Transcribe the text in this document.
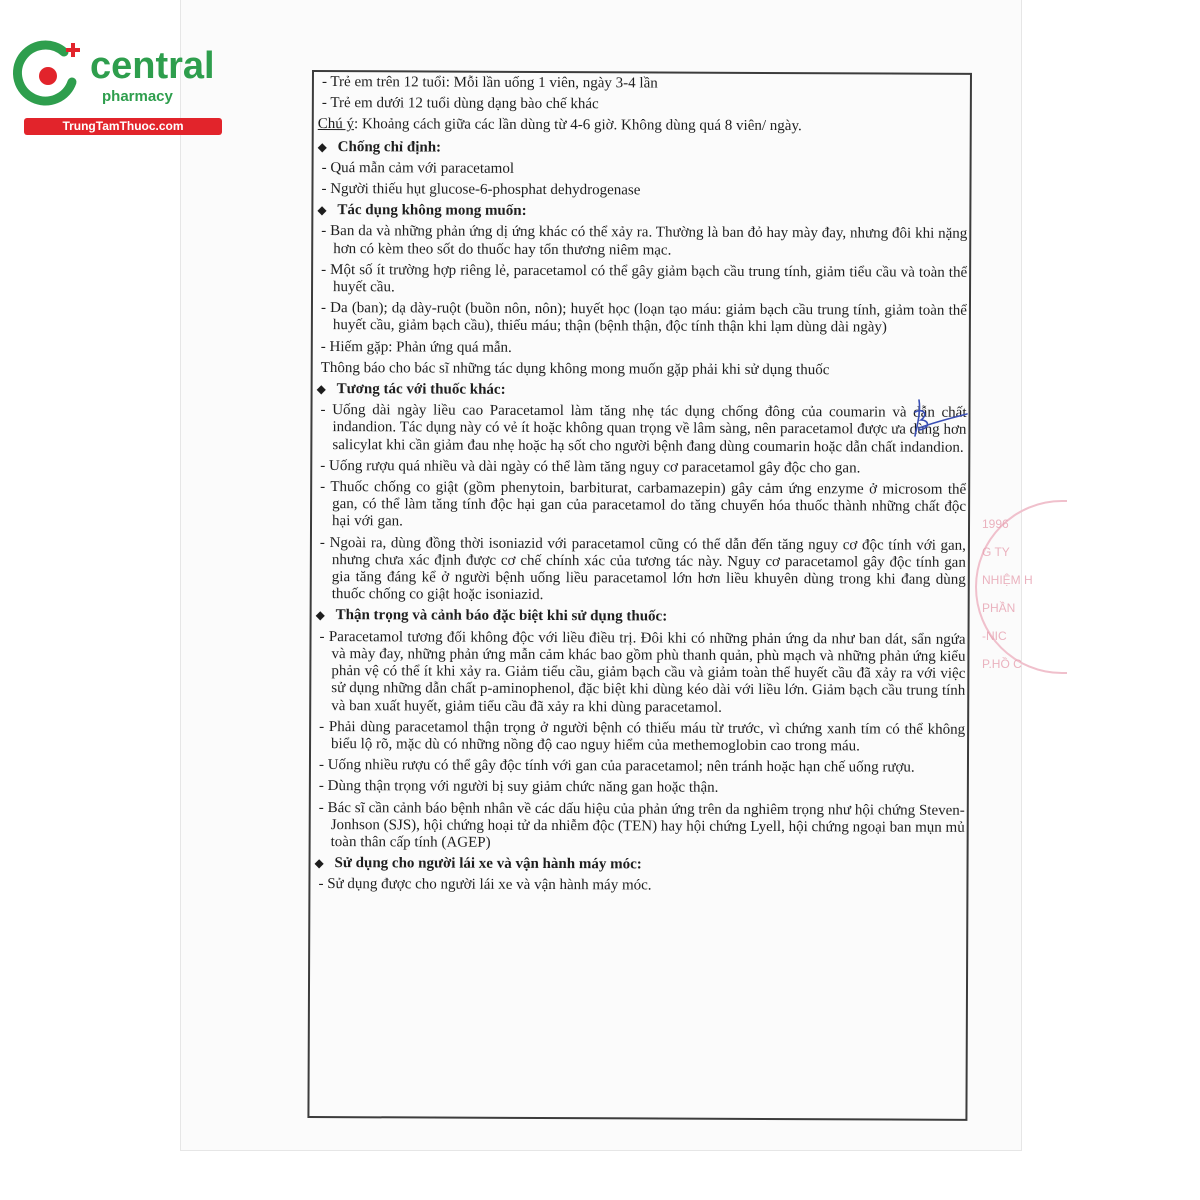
central

pharmacy
TrungTamThuoc.com

- Trẻ em trên 12 tuổi: Mỗi lần uống 1 viên, ngày 3-4 lần

- Trẻ em dưới 12 tuổi dùng dạng bào chế khác

Chú ý: Khoảng cách giữa các lần dùng từ 4-6 giờ. Không dùng quá 8 viên/ ngày.

◆ Chống chỉ định:

- Quá mẫn cảm với paracetamol

- Người thiếu hụt glucose-6-phosphat dehydrogenase

◆ Tác dụng không mong muốn:

- Ban da và những phản ứng dị ứng khác có thể xảy ra. Thường là ban đỏ hay mày đay, nhưng đôi khi nặng hơn có kèm theo sốt do thuốc hay tổn thương niêm mạc.

- Một số ít trường hợp riêng lẻ, paracetamol có thể gây giảm bạch cầu trung tính, giảm tiểu cầu và toàn thể huyết cầu.

- Da (ban); dạ dày-ruột (buồn nôn, nôn); huyết học (loạn tạo máu: giảm bạch cầu trung tính, giảm toàn thể huyết cầu, giảm bạch cầu), thiếu máu; thận (bệnh thận, độc tính thận khi lạm dùng dài ngày)

- Hiếm gặp: Phản ứng quá mẫn.

Thông báo cho bác sĩ những tác dụng không mong muốn gặp phải khi sử dụng thuốc

◆ Tương tác với thuốc khác:

- Uống dài ngày liều cao Paracetamol làm tăng nhẹ tác dụng chống đông của coumarin và dẫn chất indandion. Tác dụng này có vẻ ít hoặc không quan trọng về lâm sàng, nên paracetamol được ưa dùng hơn salicylat khi cần giảm đau nhẹ hoặc hạ sốt cho người bệnh đang dùng coumarin hoặc dẫn chất indandion.

- Uống rượu quá nhiều và dài ngày có thể làm tăng nguy cơ paracetamol gây độc cho gan.

- Thuốc chống co giật (gồm phenytoin, barbiturat, carbamazepin) gây cảm ứng enzyme ở microsom thể gan, có thể làm tăng tính độc hại gan của paracetamol do tăng chuyển hóa thuốc thành những chất độc hại với gan.

- Ngoài ra, dùng đồng thời isoniazid với paracetamol cũng có thể dẫn đến tăng nguy cơ độc tính với gan, nhưng chưa xác định được cơ chế chính xác của tương tác này. Nguy cơ paracetamol gây độc tính gan gia tăng đáng kể ở người bệnh uống liều paracetamol lớn hơn liều khuyên dùng trong khi đang dùng thuốc chống co giật hoặc isoniazid.

◆ Thận trọng và cảnh báo đặc biệt khi sử dụng thuốc:

- Paracetamol tương đối không độc với liều điều trị. Đôi khi có những phản ứng da như ban dát, sẩn ngứa và mày đay, những phản ứng mẫn cảm khác bao gồm phù thanh quản, phù mạch và những phản ứng kiểu phản vệ có thể ít khi xảy ra. Giảm tiểu cầu, giảm bạch cầu và giảm toàn thể huyết cầu đã xảy ra với việc sử dụng những dẫn chất p-aminophenol, đặc biệt khi dùng kéo dài với liều lớn. Giảm bạch cầu trung tính và ban xuất huyết, giảm tiểu cầu đã xảy ra khi dùng paracetamol.

- Phải dùng paracetamol thận trọng ở người bệnh có thiếu máu từ trước, vì chứng xanh tím có thể không biểu lộ rõ, mặc dù có những nồng độ cao nguy hiểm của methemoglobin cao trong máu.

- Uống nhiều rượu có thể gây độc tính với gan của paracetamol; nên tránh hoặc hạn chế uống rượu.

- Dùng thận trọng với người bị suy giảm chức năng gan hoặc thận.

- Bác sĩ cần cảnh báo bệnh nhân về các dấu hiệu của phản ứng trên da nghiêm trọng như hội chứng Steven-Jonhson (SJS), hội chứng hoại tử da nhiễm độc (TEN) hay hội chứng Lyell, hội chứng ngoại ban mụn mủ toàn thân cấp tính (AGEP)

◆ Sử dụng cho người lái xe và vận hành máy móc:

- Sử dụng được cho người lái xe và vận hành máy móc.

1996
G TY
NHIỆM H
PHẦN
-NIC
P.HỒ C
